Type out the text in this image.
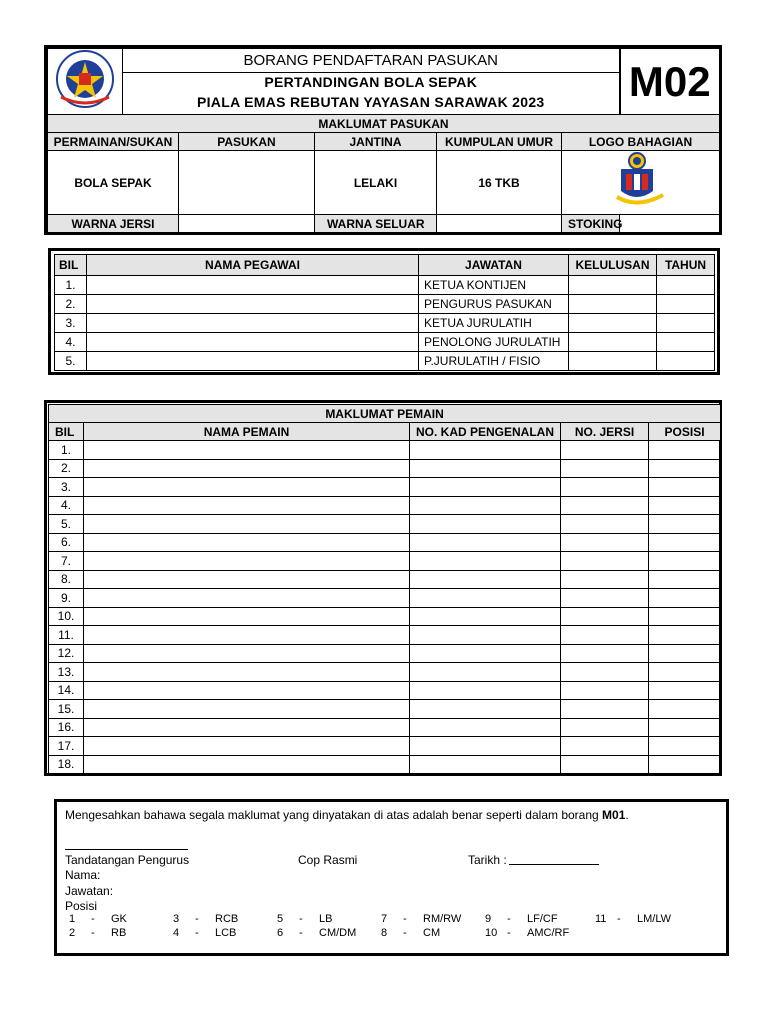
	BORANG PENDAFTARAN PASUKAN					M02
	PERTANDINGAN BOLA SEPAK					
	PIALA EMAS REBUTAN YAYASAN SARAWAK 2023					
MAKLUMAT PASUKAN						
PERMAINAN/SUKAN		PASUKAN	JANTINA	KUMPULAN UMUR	LOGO BAHAGIAN	
BOLA SEPAK			LELAKI	16 TKB	
WARNA JERSI			WARNA SELUAR		STOKING	
BIL	NAMA PEGAWAI	JAWATAN	KELULUSAN	TAHUN
1.		KETUA KONTIJEN		
2.		PENGURUS PASUKAN		
3.		KETUA JURULATIH		
4.		PENOLONG JURULATIH		
5.		P.JURULATIH / FISIO		
MAKLUMAT PEMAIN				
BIL	NAMA PEMAIN	NO. KAD PENGENALAN	NO. JERSI	POSISI
1.				
2.				
3.				
4.				
5.				
6.				
7.				
8.				
9.				
10.				
11.				
12.				
13.				
14.				
15.				
16.				
17.				
18.				
Mengesahkan bahawa segala maklumat yang dinyatakan di atas adalah benar seperti dalam borang M01.
Tandatangan Pengurus	Cop Rasmi	Tarikh :
Nama:
Jawatan:
Posisi
1 - GK
2 - RB
3 - RCB
4 - LCB
5 - LB
6 - CM/DM
7 - RM/RW
8 - CM
9 - LF/CF
10 - AMC/RF
11 - LM/LW
